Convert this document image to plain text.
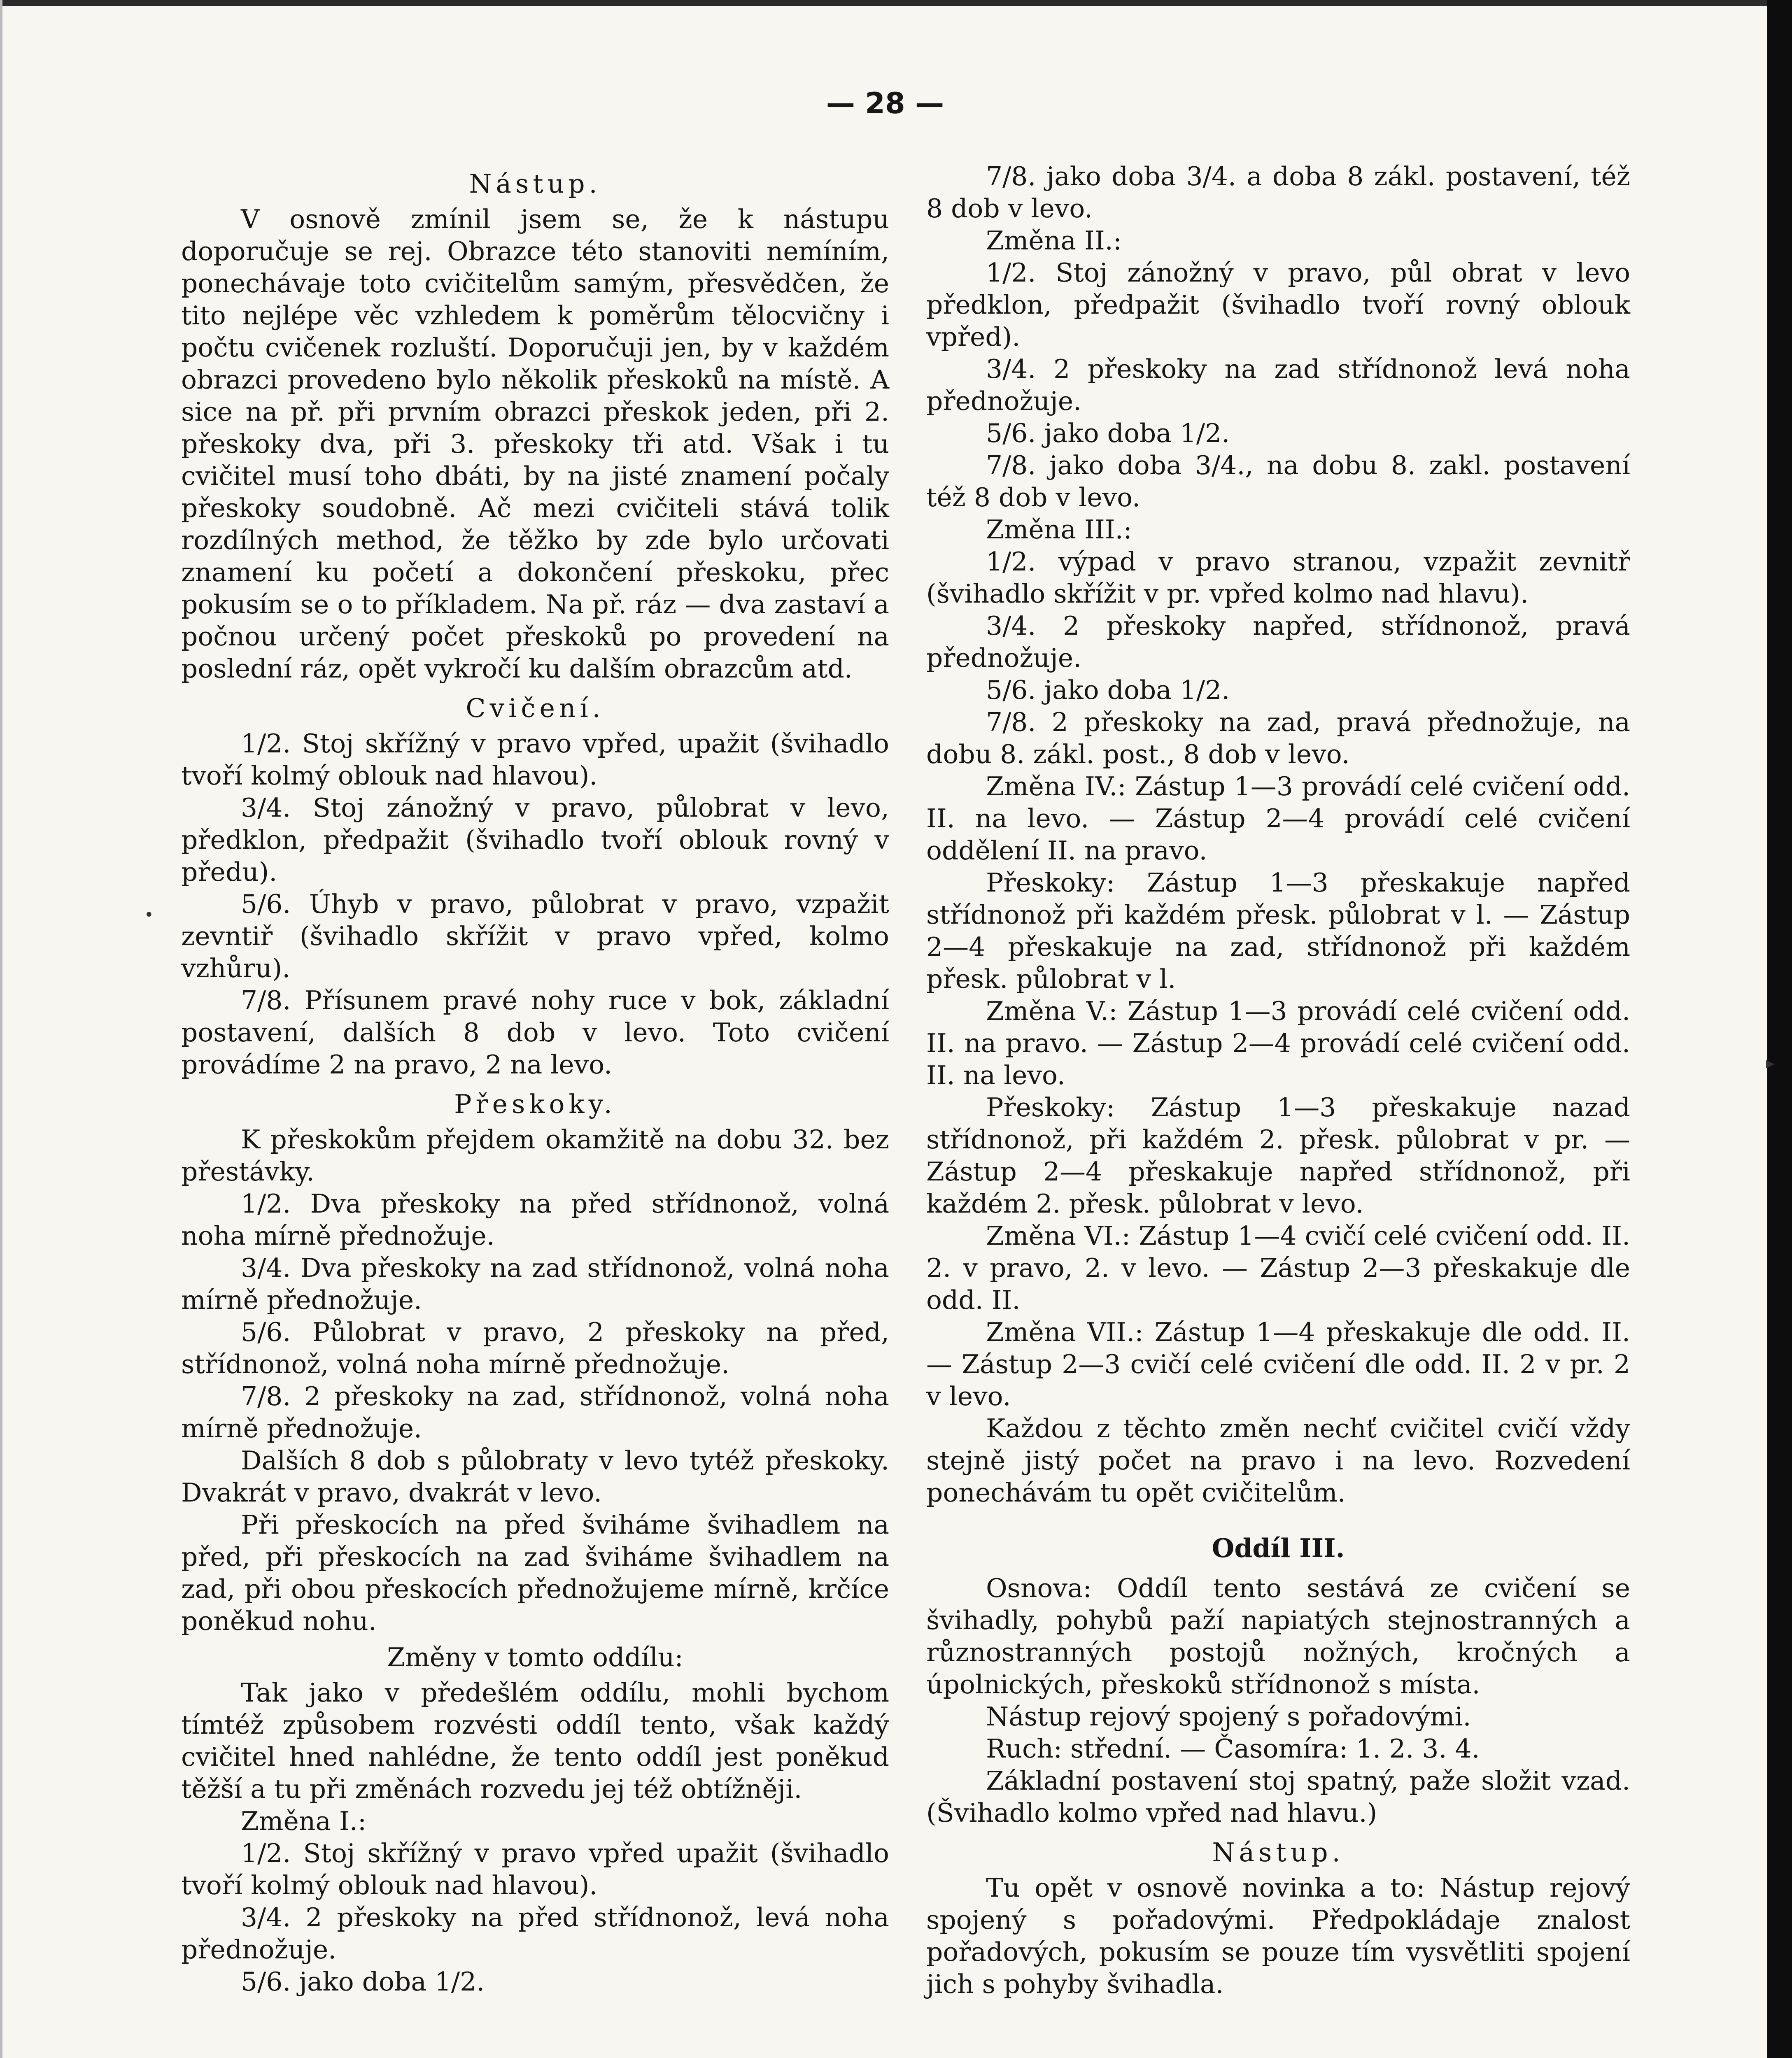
— 28 —

Nástup.

V osnově zmínil jsem se, že k nástupu doporučuje se rej. Obrazce této stanoviti nemíním, ponechávaje toto cvičitelům samým, přesvědčen, že tito nejlépe věc vzhledem k poměrům tělocvičny i počtu cvičenek rozluští. Doporučuji jen, by v každém obrazci provedeno bylo několik přeskoků na místě. A sice na př. při prvním obrazci přeskok jeden, při 2. přeskoky dva, při 3. přeskoky tři atd. Však i tu cvičitel musí toho dbáti, by na jisté znamení počaly přeskoky soudobně. Ač mezi cvičiteli stává tolik rozdílných method, že těžko by zde bylo určovati znamení ku početí a dokončení přeskoku, přec pokusím se o to příkladem. Na př. ráz — dva zastaví a počnou určený počet přeskoků po provedení na poslední ráz, opět vykročí ku dalším obrazcům atd.

Cvičení.

1/2. Stoj skřížný v pravo vpřed, upažit (švihadlo tvoří kolmý oblouk nad hlavou).

3/4. Stoj zánožný v pravo, půlobrat v levo, předklon, předpažit (švihadlo tvoří oblouk rovný v předu).

5/6. Úhyb v pravo, půlobrat v pravo, vzpažit zevntiř (švihadlo skřížit v pravo vpřed, kolmo vzhůru).

7/8. Přísunem pravé nohy ruce v bok, základní postavení, dalších 8 dob v levo. Toto cvičení provádíme 2 na pravo, 2 na levo.

Přeskoky.

K přeskokům přejdem okamžitě na dobu 32. bez přestávky.

1/2. Dva přeskoky na před střídnonož, volná noha mírně přednožuje.

3/4. Dva přeskoky na zad střídnonož, volná noha mírně přednožuje.

5/6. Půlobrat v pravo, 2 přeskoky na před, střídnonož, volná noha mírně přednožuje.

7/8. 2 přeskoky na zad, střídnonož, volná noha mírně přednožuje.

Dalších 8 dob s půlobraty v levo tytéž přeskoky. Dvakrát v pravo, dvakrát v levo.

Při přeskocích na před šviháme švihadlem na před, při přeskocích na zad šviháme švihadlem na zad, při obou přeskocích přednožujeme mírně, krčíce poněkud nohu.

Změny v tomto oddílu:

Tak jako v předešlém oddílu, mohli bychom tímtéž způsobem rozvésti oddíl tento, však každý cvičitel hned nahlédne, že tento oddíl jest poněkud těžší a tu při změnách rozvedu jej též obtížněji.

Změna I.:

1/2. Stoj skřížný v pravo vpřed upažit (švihadlo tvoří kolmý oblouk nad hlavou).

3/4. 2 přeskoky na před střídnonož, levá noha přednožuje.

5/6. jako doba 1/2.

7/8. jako doba 3/4. a doba 8 zákl. postavení, též 8 dob v levo.

Změna II.:

1/2. Stoj zánožný v pravo, půl obrat v levo předklon, předpažit (švihadlo tvoří rovný oblouk vpřed).

3/4. 2 přeskoky na zad střídnonož levá noha přednožuje.

5/6. jako doba 1/2.

7/8. jako doba 3/4., na dobu 8. zakl. postavení též 8 dob v levo.

Změna III.:

1/2. výpad v pravo stranou, vzpažit zevnitř (švihadlo skřížit v pr. vpřed kolmo nad hlavu).

3/4. 2 přeskoky napřed, střídnonož, pravá přednožuje.

5/6. jako doba 1/2.

7/8. 2 přeskoky na zad, pravá přednožuje, na dobu 8. zákl. post., 8 dob v levo.

Změna IV.: Zástup 1—3 provádí celé cvičení odd. II. na levo. — Zástup 2—4 provádí celé cvičení oddělení II. na pravo.

Přeskoky: Zástup 1—3 přeskakuje napřed střídnonož při každém přesk. půlobrat v l. — Zástup 2—4 přeskakuje na zad, střídnonož při každém přesk. půlobrat v l.

Změna V.: Zástup 1—3 provádí celé cvičení odd. II. na pravo. — Zástup 2—4 provádí celé cvičení odd. II. na levo.

Přeskoky: Zástup 1—3 přeskakuje nazad střídnonož, při každém 2. přesk. půlobrat v pr. — Zástup 2—4 přeskakuje napřed střídnonož, při každém 2. přesk. půlobrat v levo.

Změna VI.: Zástup 1—4 cvičí celé cvičení odd. II. 2. v pravo, 2. v levo. — Zástup 2—3 přeskakuje dle odd. II.

Změna VII.: Zástup 1—4 přeskakuje dle odd. II. — Zástup 2—3 cvičí celé cvičení dle odd. II. 2 v pr. 2 v levo.

Každou z těchto změn nechť cvičitel cvičí vždy stejně jistý počet na pravo i na levo. Rozvedení ponechávám tu opět cvičitelům.

Oddíl III.

Osnova: Oddíl tento sestává ze cvičení se švihadly, pohybů paží napiatých stejnostranných a různostranných postojů nožných, kročných a úpolnických, přeskoků střídnonož s místa.

Nástup rejový spojený s pořadovými.

Ruch: střední. — Časomíra: 1. 2. 3. 4.

Základní postavení stoj spatný, paže složit vzad. (Švihadlo kolmo vpřed nad hlavu.)

Nástup.

Tu opět v osnově novinka a to: Nástup rejový spojený s pořadovými. Předpokládaje znalost pořadových, pokusím se pouze tím vysvětliti spojení jich s pohyby švihadla.

•
▸
